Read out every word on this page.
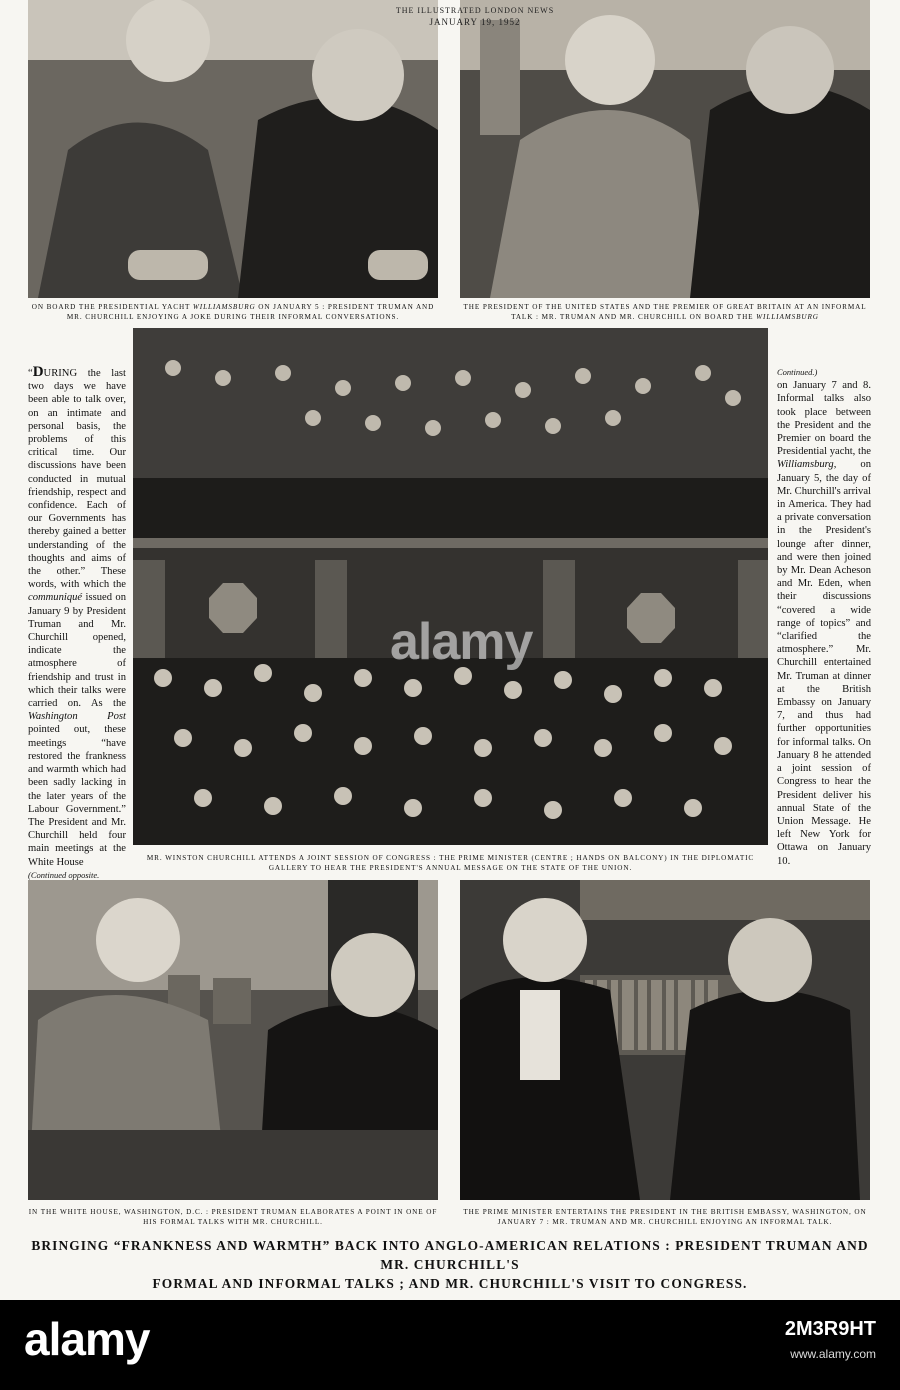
THE ILLUSTRATED LONDON NEWS
JANUARY 19, 1952
ON BOARD THE PRESIDENTIAL YACHT WILLIAMSBURG ON JANUARY 5 : PRESIDENT TRUMAN AND MR. CHURCHILL ENJOYING A JOKE DURING THEIR INFORMAL CONVERSATIONS.
THE PRESIDENT OF THE UNITED STATES AND THE PREMIER OF GREAT BRITAIN AT AN INFORMAL TALK : MR. TRUMAN AND MR. CHURCHILL ON BOARD THE WILLIAMSBURG

“DURING the last two days we have been able to talk over, on an intimate and personal basis, the problems of this critical time. Our discussions have been conducted in mutual friendship, respect and confidence. Each of our Governments has thereby gained a better understanding of the thoughts and aims of the other.” These words, with which the communiqué issued on January 9 by President Truman and Mr. Churchill opened, indicate the atmosphere of friendship and trust in which their talks were carried on. As the Washington Post pointed out, these meetings “have restored the frankness and warmth which had been sadly lacking in the later years of the Labour Government.” The President and Mr. Churchill held four main meetings at the White House

(Continued opposite.

MR. WINSTON CHURCHILL ATTENDS A JOINT SESSION OF CONGRESS : THE PRIME MINISTER (CENTRE ; HANDS ON BALCONY) IN THE DIPLOMATIC GALLERY TO HEAR THE PRESIDENT'S ANNUAL MESSAGE ON THE STATE OF THE UNION.

Continued.)

on January 7 and 8. Informal talks also took place between the President and the Premier on board the Presidential yacht, the Williamsburg, on January 5, the day of Mr. Churchill's arrival in America. They had a private conversation in the President's lounge after dinner, and were then joined by Mr. Dean Acheson and Mr. Eden, when their discussions “covered a wide range of topics” and “clarified the atmosphere.” Mr. Churchill entertained Mr. Truman at dinner at the British Embassy on January 7, and thus had further opportunities for informal talks. On January 8 he attended a joint session of Congress to hear the President deliver his annual State of the Union Message. He left New York for Ottawa on January 10.

IN THE WHITE HOUSE, WASHINGTON, D.C. : PRESIDENT TRUMAN ELABORATES A POINT IN ONE OF HIS FORMAL TALKS WITH MR. CHURCHILL.
THE PRIME MINISTER ENTERTAINS THE PRESIDENT IN THE BRITISH EMBASSY, WASHINGTON, ON JANUARY 7 : MR. TRUMAN AND MR. CHURCHILL ENJOYING AN INFORMAL TALK.
BRINGING “FRANKNESS AND WARMTH” BACK INTO ANGLO-AMERICAN RELATIONS : PRESIDENT TRUMAN AND MR. CHURCHILL'S
FORMAL AND INFORMAL TALKS ; AND MR. CHURCHILL'S VISIT TO CONGRESS.
alamy
alamy	2M3R9HT
www.alamy.com
